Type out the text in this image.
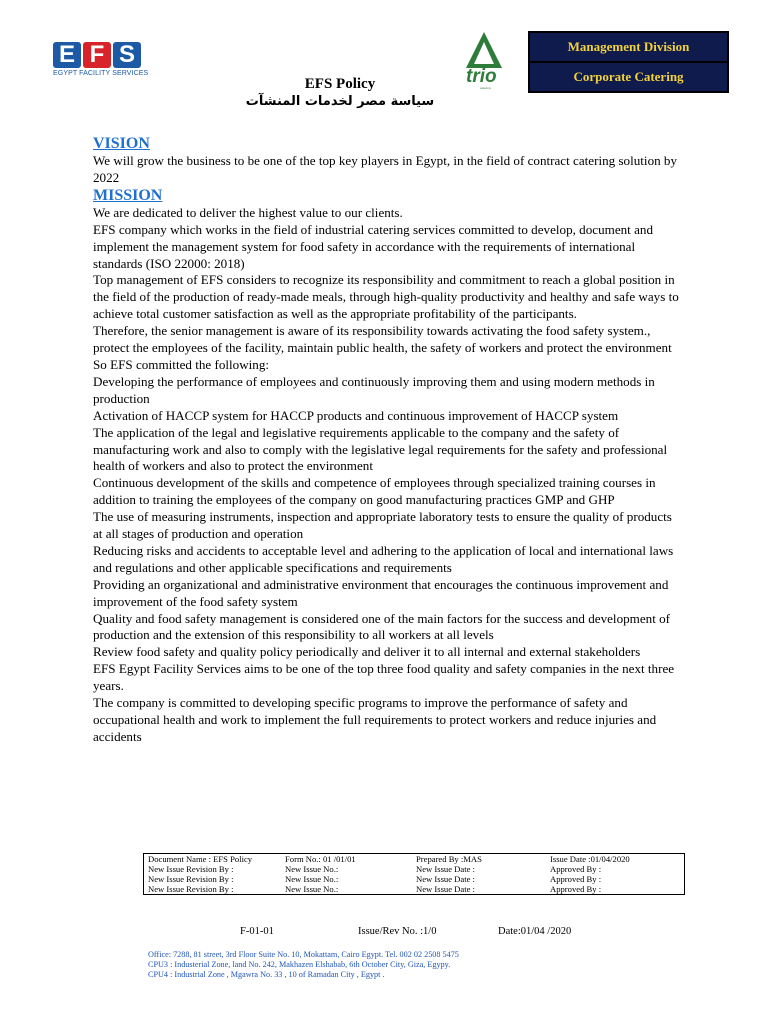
E F S
EGYPT FACILITY SERVICES	trio
catering
Management Division
Corporate Catering
EFS Policy
سياسة مصر لخدمات المنشآت
VISION

We will grow the business to be one of the top key players in Egypt, in the field of contract catering solution by 2022

MISSION

We are dedicated to deliver the highest value to our clients.

EFS company which works in the field of industrial catering services committed to develop, document and implement the management system for food safety in accordance with the requirements of international standards (ISO 22000: 2018)

Top management of EFS considers to recognize its responsibility and commitment to reach a global position in the field of the production of ready-made meals, through high-quality productivity and healthy and safe ways to achieve total customer satisfaction as well as the appropriate profitability of the participants.

Therefore, the senior management is aware of its responsibility towards activating the food safety system., protect the employees of the facility, maintain public health, the safety of workers and protect the environment So EFS committed the following:

Developing the performance of employees and continuously improving them and using modern methods in production

Activation of HACCP system for HACCP products and continuous improvement of HACCP system

The application of the legal and legislative requirements applicable to the company and the safety of manufacturing work and also to comply with the legislative legal requirements for the safety and professional health of workers and also to protect the environment

Continuous development of the skills and competence of employees through specialized training courses in addition to training the employees of the company on good manufacturing practices GMP and GHP

The use of measuring instruments, inspection and appropriate laboratory tests to ensure the quality of products at all stages of production and operation

Reducing risks and accidents to acceptable level and adhering to the application of local and international laws and regulations and other applicable specifications and requirements

Providing an organizational and administrative environment that encourages the continuous improvement and improvement of the food safety system

Quality and food safety management is considered one of the main factors for the success and development of production and the extension of this responsibility to all workers at all levels

Review food safety and quality policy periodically and deliver it to all internal and external stakeholders

EFS Egypt Facility Services aims to be one of the top three food quality and safety companies in the next three years.

The company is committed to developing specific programs to improve the performance of safety and occupational health and work to implement the full requirements to protect workers and reduce injuries and accidents

Document Name : EFS Policy	Form No.: 01 /01/01	Prepared By :MAS	Issue Date :01/04/2020
New Issue Revision By :	New Issue No.:	New Issue Date :	Approved By :
New Issue Revision By :	New Issue No.:	New Issue Date :	Approved By :
New Issue Revision By :	New Issue No.:	New Issue Date :	Approved By :
F-01-01	Issue/Rev No. :1/0	Date:01/04 /2020
Office: 7288, 81 street, 3rd Floor Suite No. 10, Mokattam, Cairo Egypt. Tel. 002 02 2508 5475
CPU3 : Industerial Zone, land No. 242, Makhazen Elshabab, 6th October City, Giza, Egypy.
CPU4 : Industrial Zone , Mgawra No. 33 , 10 of Ramadan City , Egypt .
